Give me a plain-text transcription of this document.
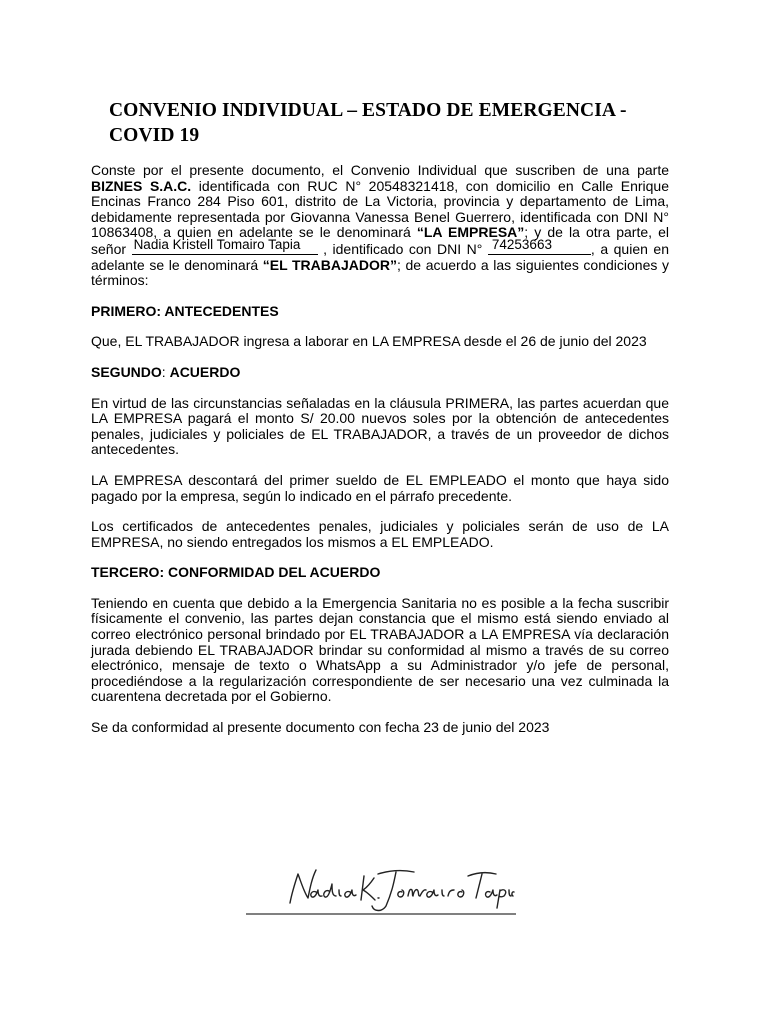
CONVENIO INDIVIDUAL – ESTADO DE EMERGENCIA - COVID 19
Conste por el presente documento, el Convenio Individual que suscriben de una parte
BIZNES S.A.C. identificada con RUC N° 20548321418, con domicilio en Calle Enrique
Encinas Franco 284 Piso 601, distrito de La Victoria, provincia y departamento de Lima,
debidamente representada por Giovanna Vanessa Benel Guerrero, identificada con DNI N°
10863408, a quien en adelante se le denominará “LA EMPRESA”; y de la otra parte, el
señor Nadia Kristell Tomairo Tapia , identificado con DNI N° 74253663	, a quien en
adelante se le denominará “EL TRABAJADOR”; de acuerdo a las siguientes condiciones y
términos:

PRIMERO: ANTECEDENTES

Que, EL TRABAJADOR ingresa a laborar en LA EMPRESA desde el 26 de junio del 2023

SEGUNDO: ACUERDO

En virtud de las circunstancias señaladas en la cláusula PRIMERA, las partes acuerdan que LA EMPRESA pagará el monto S/ 20.00 nuevos soles por la obtención de antecedentes penales, judiciales y policiales de EL TRABAJADOR, a través de un proveedor de dichos antecedentes.

LA EMPRESA descontará del primer sueldo de EL EMPLEADO el monto que haya sido pagado por la empresa, según lo indicado en el párrafo precedente.

Los certificados de antecedentes penales, judiciales y policiales serán de uso de LA EMPRESA, no siendo entregados los mismos a EL EMPLEADO.

TERCERO: CONFORMIDAD DEL ACUERDO

Teniendo en cuenta que debido a la Emergencia Sanitaria no es posible a la fecha suscribir físicamente el convenio, las partes dejan constancia que el mismo está siendo enviado al correo electrónico personal brindado por EL TRABAJADOR a LA EMPRESA vía declaración jurada debiendo EL TRABAJADOR brindar su conformidad al mismo a través de su correo electrónico, mensaje de texto o WhatsApp a su Administrador y/o jefe de personal, procediéndose a la regularización correspondiente de ser necesario una vez culminada la cuarentena decretada por el Gobierno.

Se da conformidad al presente documento con fecha 23 de junio del 2023
